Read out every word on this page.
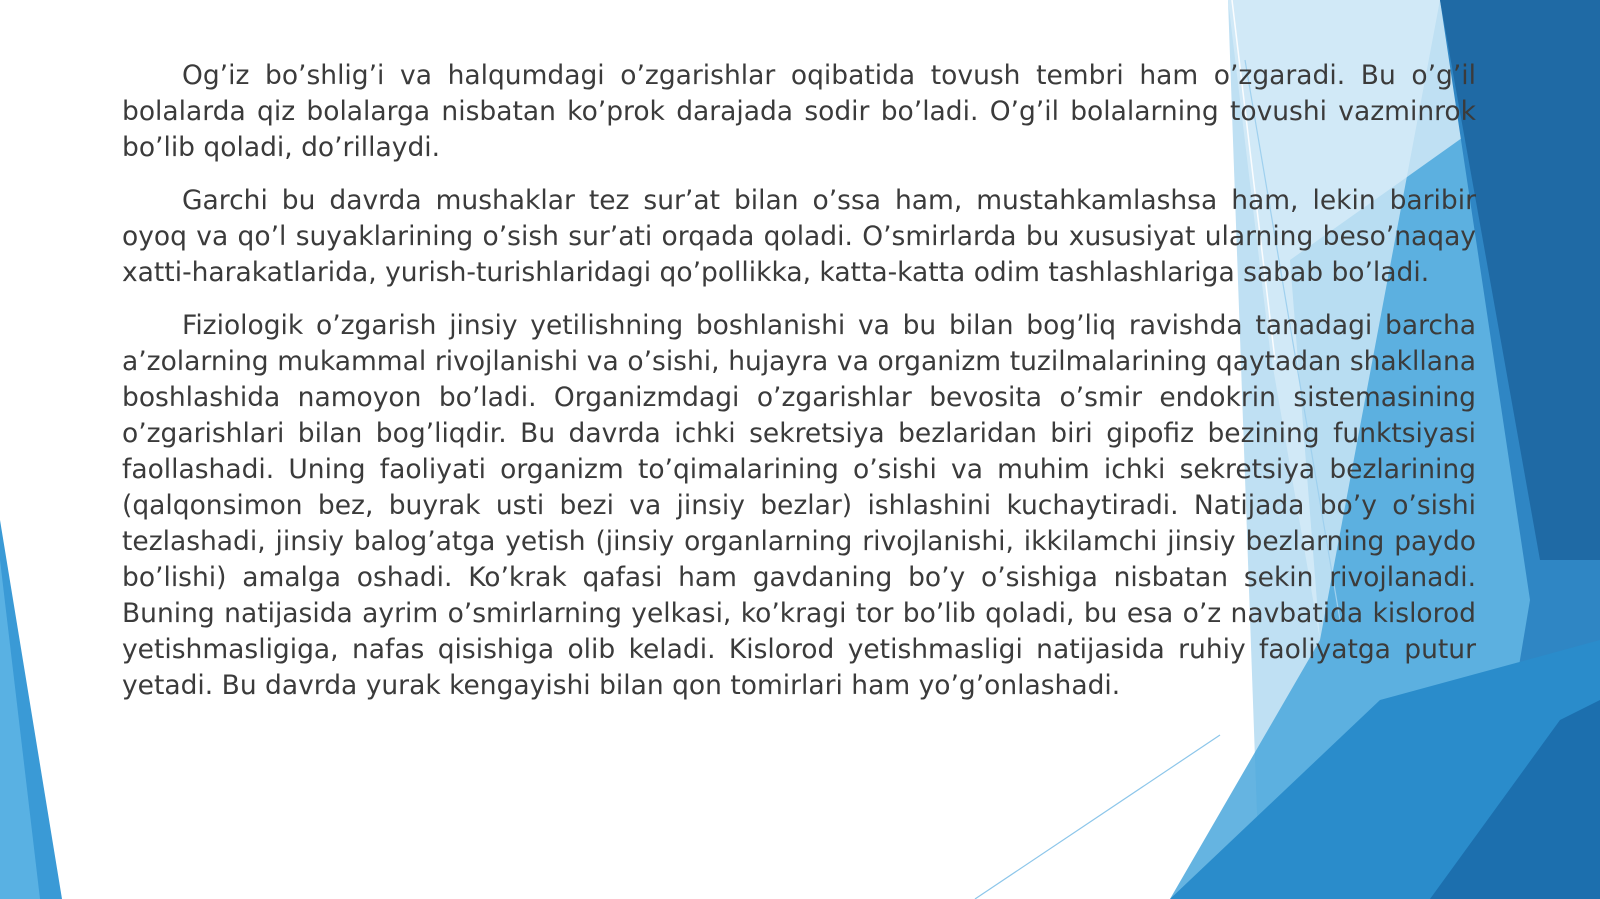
Og’iz bo’shlig’i va halqumdagi o’zgarishlar oqibatida tovush tembri ham o’zgaradi. Bu o’g’il bolalarda qiz bolalarga nisbatan ko’prok darajada sodir bo’ladi. O’g’il bolalarning tovushi vazminrok bo’lib qoladi, do’rillaydi.

Garchi bu davrda mushaklar tez sur’at bilan o’ssa ham, mustahkamlashsa ham, lekin baribir oyoq va qo’l suyaklarining o’sish sur’ati orqada qoladi. O’smirlarda bu xususiyat ularning beso’naqay xatti-harakatlarida, yurish-turishlaridagi qo’pollikka, katta-katta odim tashlashlariga sabab bo’ladi.

Fiziologik o’zgarish jinsiy yetilishning boshlanishi va bu bilan bog’liq ravishda tanadagi barcha a’zolarning mukammal rivojlanishi va o’sishi, hujayra va organizm tuzilmalarining qaytadan shakllana boshlashida namoyon bo’ladi. Organizmdagi o’zgarishlar bevosita o’smir endokrin sistemasining o’zgarishlari bilan bog’liqdir. Bu davrda ichki sekretsiya bezlaridan biri gipofiz bezining funktsiyasi faollashadi. Uning faoliyati organizm to’qimalarining o’sishi va muhim ichki sekretsiya bezlarining (qalqonsimon bez, buyrak usti bezi va jinsiy bezlar) ishlashini kuchaytiradi. Natijada bo’y o’sishi tezlashadi, jinsiy balog’atga yetish (jinsiy organlarning rivojlanishi, ikkilamchi jinsiy bezlarning paydo bo’lishi) amalga oshadi. Ko’krak qafasi ham gavdaning bo’y o’sishiga nisbatan sekin rivojlanadi. Buning natijasida ayrim o’smirlarning yelkasi, ko’kragi tor bo’lib qoladi, bu esa o’z navbatida kislorod yetishmasligiga, nafas qisishiga olib keladi. Kislorod yetishmasligi natijasida ruhiy faoliyatga putur yetadi. Bu davrda yurak kengayishi bilan qon tomirlari ham yo’g’onlashadi.
